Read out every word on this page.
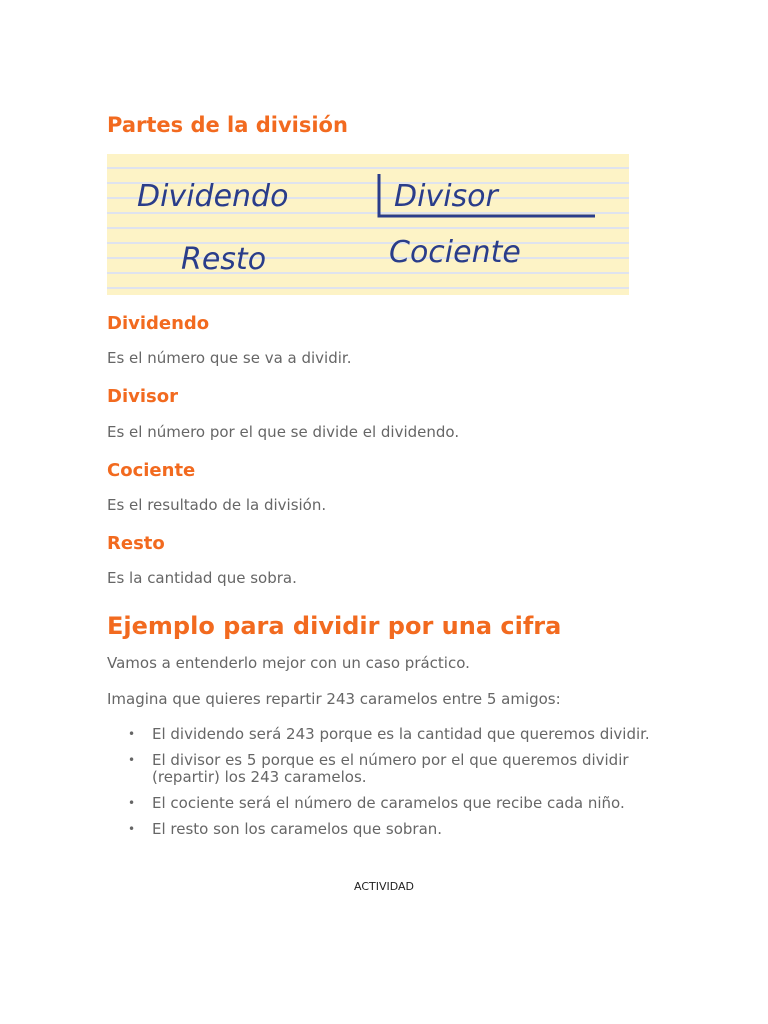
Partes de la división
Dividendo	Divisor
Resto	Cociente
Dividendo

Es el número que se va a dividir.

Divisor

Es el número por el que se divide el dividendo.

Cociente

Es el resultado de la división.

Resto

Es la cantidad que sobra.

Ejemplo para dividir por una cifra

Vamos a entenderlo mejor con un caso práctico.

Imagina que quieres repartir 243 caramelos entre 5 amigos:

• El dividendo será 243 porque es la cantidad que queremos dividir.
• El divisor es 5 porque es el número por el que queremos dividir
(repartir) los 243 caramelos.
• El cociente será el número de caramelos que recibe cada niño.
• El resto son los caramelos que sobran.
ACTIVIDAD
